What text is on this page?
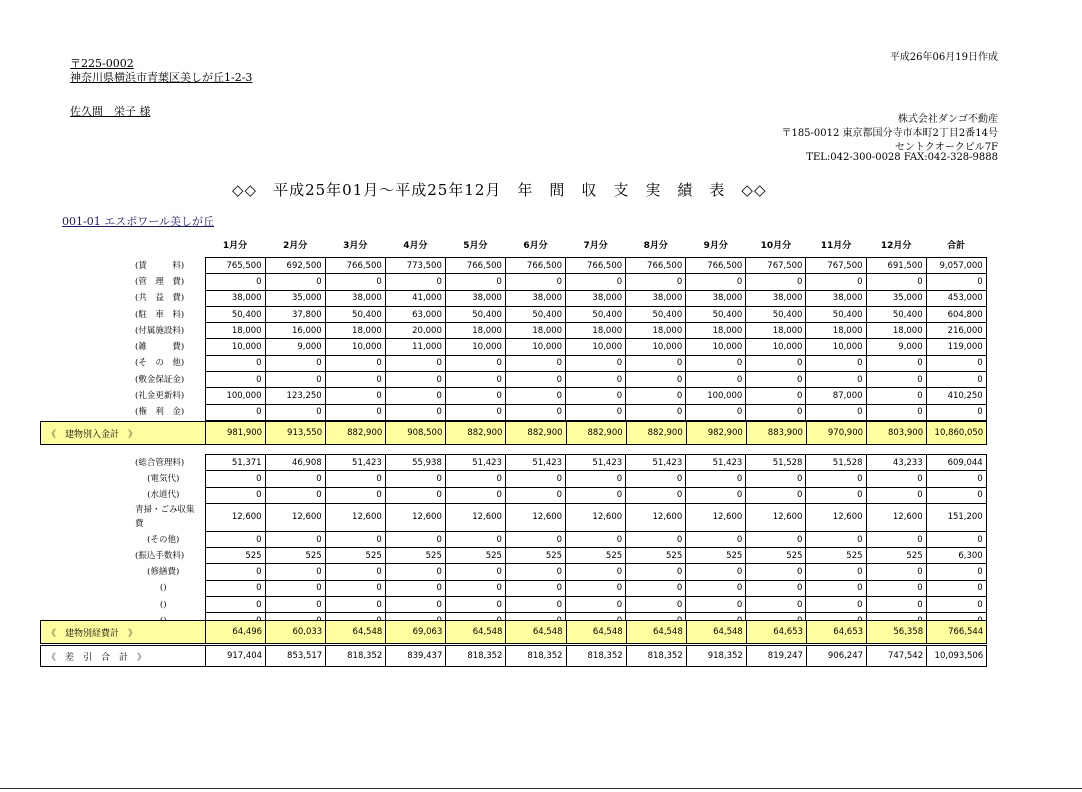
平成26年06月19日作成
〒225-0002
神奈川県横浜市青葉区美しが丘1-2-3
佐久間　栄子 様
株式会社ダンゴ不動産
〒185-0012 東京都国分寺市本町2丁目2番14号
セントクオークビル7F
TEL:042-300-0028 FAX:042-328-9888
◇◇　平成25年01月～平成25年12月　年　間　収　支　実　績　表　◇◇
001-01 エスポワール美しが丘
1月分	2月分	3月分	4月分	5月分	6月分	7月分	8月分	9月分	10月分	11月分	12月分	合計
(賃　　　料)	765,500	692,500	766,500	773,500	766,500	766,500	766,500	766,500	766,500	767,500	767,500	691,500	9,057,000
(管　理　費)	0	0	0	0	0	0	0	0	0	0	0	0	0
(共　益　費)	38,000	35,000	38,000	41,000	38,000	38,000	38,000	38,000	38,000	38,000	38,000	35,000	453,000
(駐　車　料)	50,400	37,800	50,400	63,000	50,400	50,400	50,400	50,400	50,400	50,400	50,400	50,400	604,800
(付属施設料)	18,000	16,000	18,000	20,000	18,000	18,000	18,000	18,000	18,000	18,000	18,000	18,000	216,000
(雑　　　費)	10,000	9,000	10,000	11,000	10,000	10,000	10,000	10,000	10,000	10,000	10,000	9,000	119,000
(そ　の　他)	0	0	0	0	0	0	0	0	0	0	0	0	0
(敷金保証金)	0	0	0	0	0	0	0	0	0	0	0	0	0
(礼金更新料)	100,000	123,250	0	0	0	0	0	0	100,000	0	87,000	0	410,250
(権　利　金)	0	0	0	0	0	0	0	0	0	0	0	0	0
《　建物別入金計　》	981,900	913,550	882,900	908,500	882,900	882,900	882,900	882,900	982,900	883,900	970,900	803,900	10,860,050
(総合管理料)	51,371	46,908	51,423	55,938	51,423	51,423	51,423	51,423	51,423	51,528	51,528	43,233	609,044
(電気代)	0	0	0	0	0	0	0	0	0	0	0	0	0
(水道代)	0	0	0	0	0	0	0	0	0	0	0	0	0
青掃・ごみ収集費	12,600	12,600	12,600	12,600	12,600	12,600	12,600	12,600	12,600	12,600	12,600	12,600	151,200
(その他)	0	0	0	0	0	0	0	0	0	0	0	0	0
(振込手数料)	525	525	525	525	525	525	525	525	525	525	525	525	6,300
(修繕費)	0	0	0	0	0	0	0	0	0	0	0	0	0
()	0	0	0	0	0	0	0	0	0	0	0	0	0
()	0	0	0	0	0	0	0	0	0	0	0	0	0

《　建物別経費計　》	64,496	60,033	64,548	69,063	64,548	64,548	64,548	64,548	64,548	64,653	64,653	56,358	766,544
《　差　引　合　計　》	917,404	853,517	818,352	839,437	818,352	818,352	818,352	818,352	918,352	819,247	906,247	747,542	10,093,506
